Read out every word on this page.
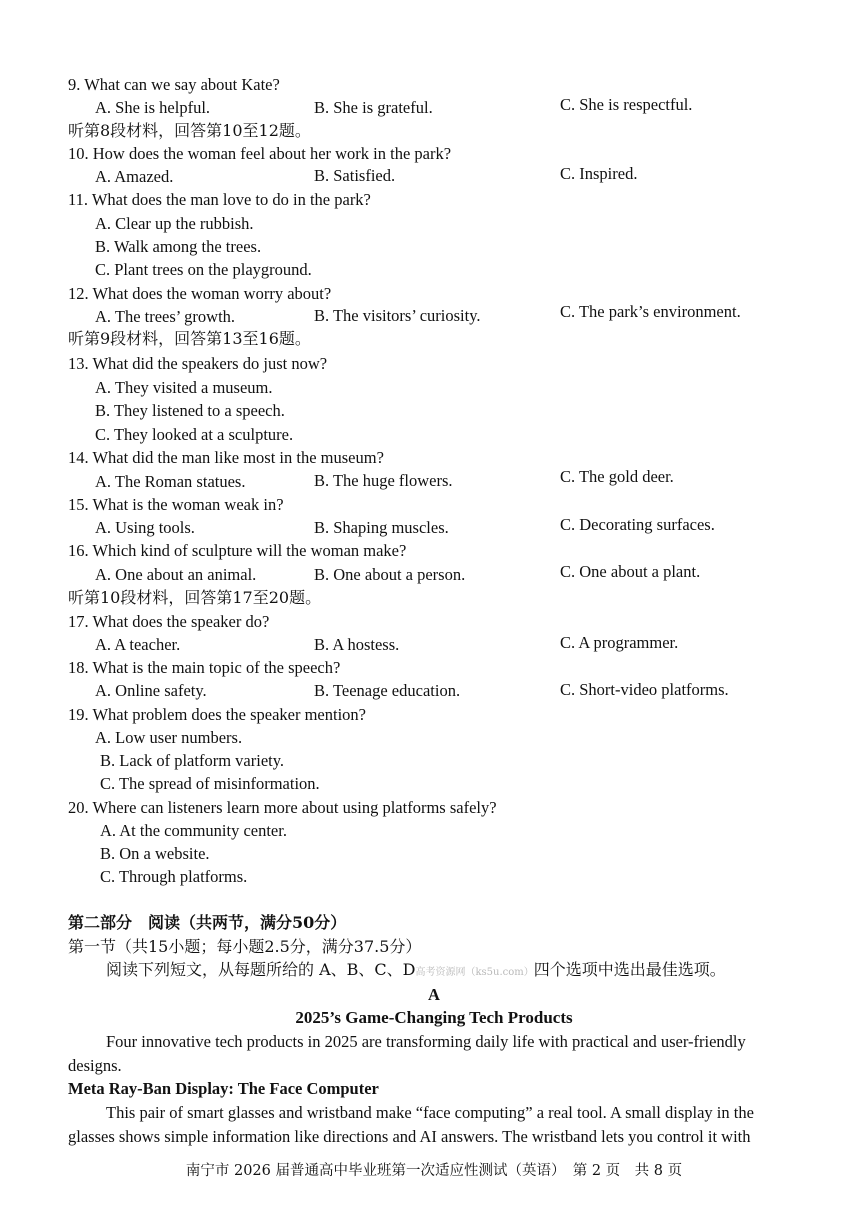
9. What can we say about Kate?
A. She is helpful.	B. She is grateful.	C. She is respectful.
听第8段材料，回答第10至12题。
10. How does the woman feel about her work in the park?
A. Amazed.	B. Satisfied.	C. Inspired.
11. What does the man love to do in the park?
A. Clear up the rubbish.
B. Walk among the trees.
C. Plant trees on the playground.
12. What does the woman worry about?
A. The trees’ growth.	B. The visitors’ curiosity.	C. The park’s environment.
听第9段材料，回答第13至16题。
13. What did the speakers do just now?
A. They visited a museum.
B. They listened to a speech.
C. They looked at a sculpture.
14. What did the man like most in the museum?
A. The Roman statues.	B. The huge flowers.	C. The gold deer.
15. What is the woman weak in?
A. Using tools.	B. Shaping muscles.	C. Decorating surfaces.
16. Which kind of sculpture will the woman make?
A. One about an animal.	B. One about a person.	C. One about a plant.
听第10段材料，回答第17至20题。
17. What does the speaker do?
A. A teacher.	B. A hostess.	C. A programmer.
18. What is the main topic of the speech?
A. Online safety.	B. Teenage education.	C. Short-video platforms.
19. What problem does the speaker mention?
A. Low user numbers.
B. Lack of platform variety.
C. The spread of misinformation.
20. Where can listeners learn more about using platforms safely?
A. At the community center.
B. On a website.
C. Through platforms.
第二部分　阅读（共两节，满分50分）
第一节（共15小题；每小题2.5分，满分37.5分）
阅读下列短文，从每题所给的 A、B、C、D高考资源网（ks5u.com）四个选项中选出最佳选项。
A
2025’s Game-Changing Tech Products
Four innovative tech products in 2025 are transforming daily life with practical and user-friendly
designs.
Meta Ray-Ban Display: The Face Computer
This pair of smart glasses and wristband make “face computing” a real tool. A small display in the
glasses shows simple information like directions and AI answers. The wristband lets you control it with
南宁市 2026 届普通高中毕业班第一次适应性测试（英语）　第 2 页　共 8 页
